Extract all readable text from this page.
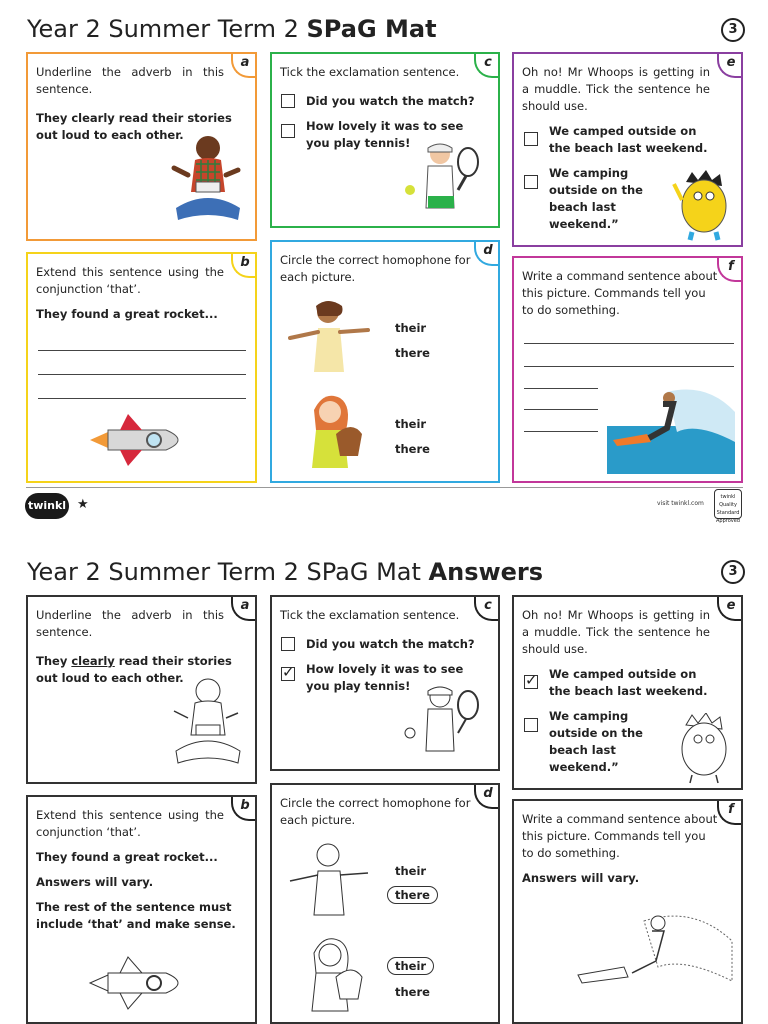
Year 2 Summer Term 2 SPaG Mat	3
a
Underline the adverb in this sentence.
They clearly read their stories out loud to each other.
b
Extend this sentence using the conjunction ‘that’.
They found a great rocket...
c
Tick the exclamation sentence.
Did you watch the match?
How lovely it was to see you play tennis!
d
Circle the correct homophone for each picture.
their
there
their
there
e
Oh no! Mr Whoops is getting in a muddle. Tick the sentence he should use.
We camped outside on the beach last weekend.
We camping outside on the beach last weekend.”
f
Write a command sentence about this picture. Commands tell you to do something.
twinkl ★	visit twinkl.com
twinkl Quality Standard Approved
Year 2 Summer Term 2 SPaG Mat Answers	3
a
Underline the adverb in this sentence.
They clearly read their stories out loud to each other.
b
Extend this sentence using the conjunction ‘that’.
They found a great rocket...
Answers will vary.
The rest of the sentence must include ‘that’ and make sense.
c
Tick the exclamation sentence.
Did you watch the match?
✓
How lovely it was to see you play tennis!
d
Circle the correct homophone for each picture.
their
there
their
there
e
Oh no! Mr Whoops is getting in a muddle. Tick the sentence he should use.
✓
We camped outside on the beach last weekend.
We camping outside on the beach last weekend.”
f
Write a command sentence about this picture. Commands tell you to do something.
Answers will vary.
